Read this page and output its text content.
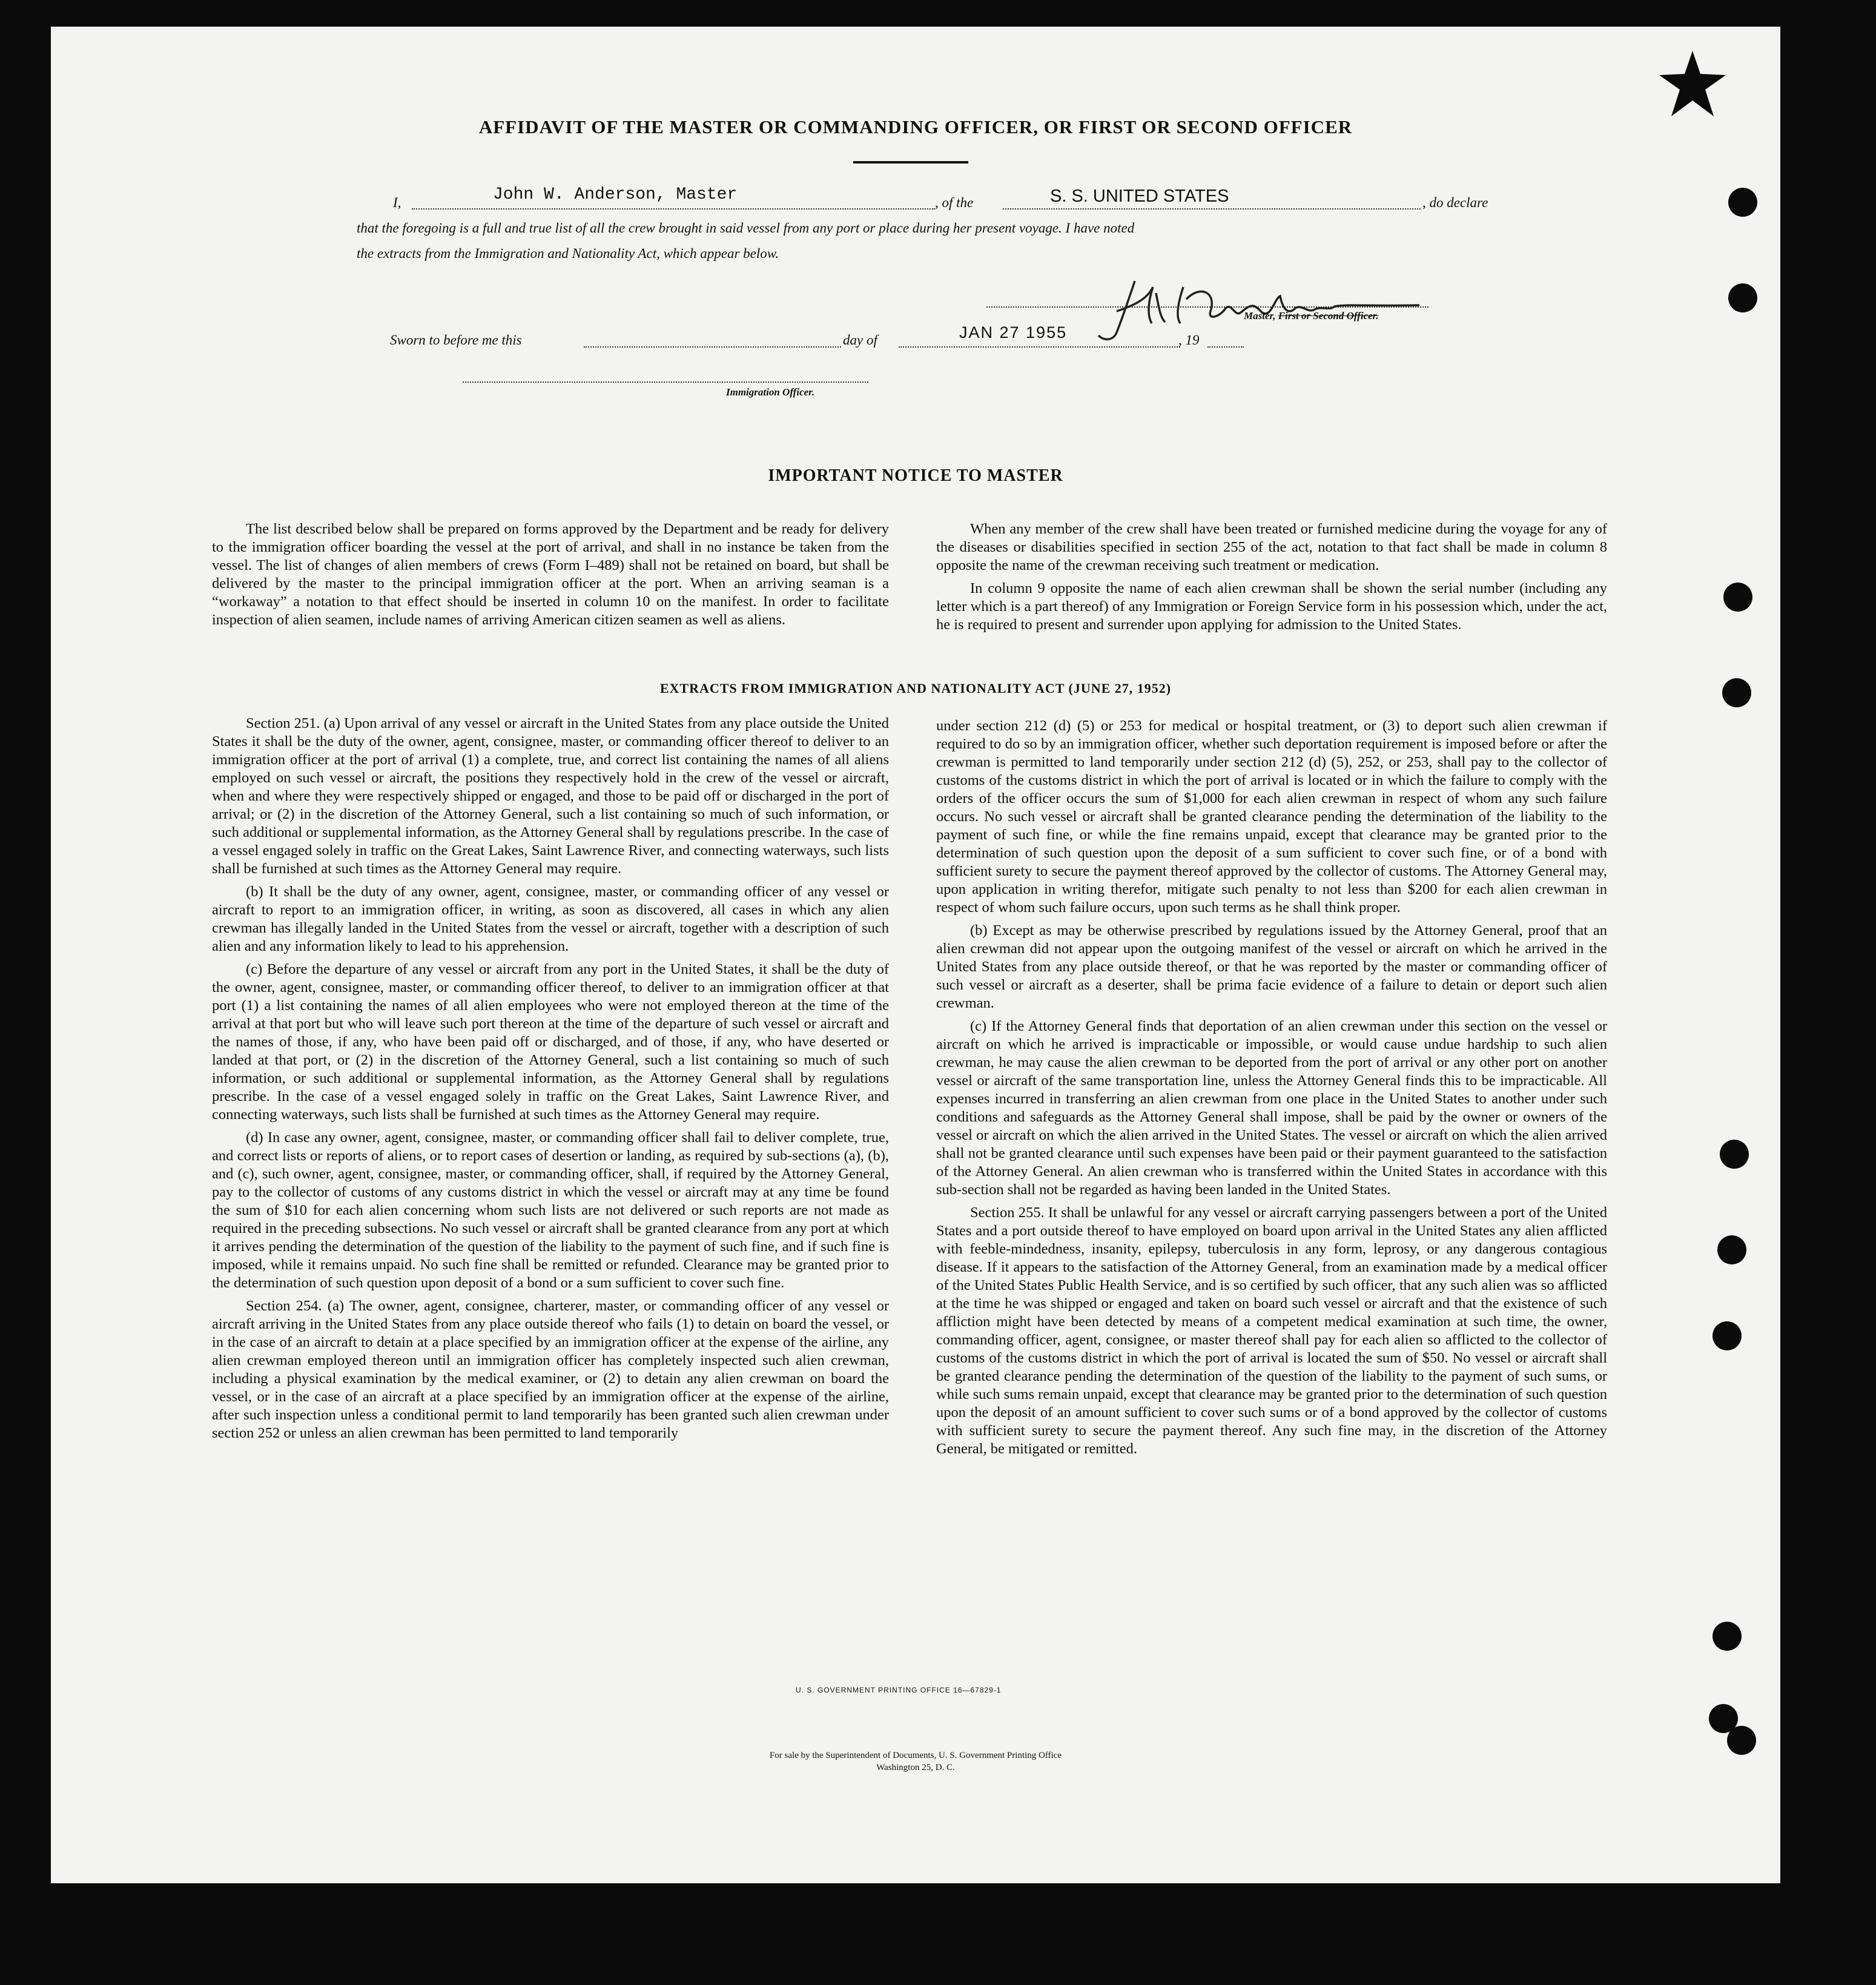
AFFIDAVIT OF THE MASTER OR COMMANDING OFFICER, OR FIRST OR SECOND OFFICER
I,	John W. Anderson, Master	, of the	S. S. UNITED STATES	, do declare
that the foregoing is a full and true list of all the crew brought in said vessel from any port or place during her present voyage. I have noted
the extracts from the Immigration and Nationality Act, which appear below.
Master, First or Second Officer.
Sworn to before me this	day of	JAN 27 1955	, 19
Immigration Officer.
IMPORTANT NOTICE TO MASTER

The list described below shall be prepared on forms approved by the Department and be ready for delivery to the immigration officer boarding the vessel at the port of arrival, and shall in no instance be taken from the vessel. The list of changes of alien members of crews (Form I–489) shall not be retained on board, but shall be delivered by the master to the principal immigration officer at the port. When an arriving seaman is a “workaway” a notation to that effect should be inserted in column 10 on the manifest. In order to facilitate inspection of alien seamen, include names of arriving American citizen seamen as well as aliens.

When any member of the crew shall have been treated or furnished medicine during the voyage for any of the diseases or disabilities specified in section 255 of the act, notation to that fact shall be made in column 8 opposite the name of the crewman receiving such treatment or medication.

In column 9 opposite the name of each alien crewman shall be shown the serial number (including any letter which is a part thereof) of any Immigration or Foreign Service form in his possession which, under the act, he is required to present and surrender upon applying for admission to the United States.

EXTRACTS FROM IMMIGRATION AND NATIONALITY ACT (JUNE 27, 1952)

Section 251. (a) Upon arrival of any vessel or aircraft in the United States from any place outside the United States it shall be the duty of the owner, agent, consignee, master, or commanding officer thereof to deliver to an immigration officer at the port of arrival (1) a complete, true, and correct list containing the names of all aliens employed on such vessel or aircraft, the positions they respectively hold in the crew of the vessel or aircraft, when and where they were respectively shipped or engaged, and those to be paid off or discharged in the port of arrival; or (2) in the discretion of the Attorney General, such a list containing so much of such information, or such additional or supplemental information, as the Attorney General shall by regulations prescribe. In the case of a vessel engaged solely in traffic on the Great Lakes, Saint Lawrence River, and connecting waterways, such lists shall be furnished at such times as the Attorney General may require.

(b) It shall be the duty of any owner, agent, consignee, master, or commanding officer of any vessel or aircraft to report to an immigration officer, in writing, as soon as discovered, all cases in which any alien crewman has illegally landed in the United States from the vessel or aircraft, together with a description of such alien and any information likely to lead to his apprehension.

(c) Before the departure of any vessel or aircraft from any port in the United States, it shall be the duty of the owner, agent, consignee, master, or commanding officer thereof, to deliver to an immigration officer at that port (1) a list containing the names of all alien employees who were not employed thereon at the time of the arrival at that port but who will leave such port thereon at the time of the departure of such vessel or aircraft and the names of those, if any, who have been paid off or discharged, and of those, if any, who have deserted or landed at that port, or (2) in the discretion of the Attorney General, such a list containing so much of such information, or such additional or supplemental information, as the Attorney General shall by regulations prescribe. In the case of a vessel engaged solely in traffic on the Great Lakes, Saint Lawrence River, and connecting waterways, such lists shall be furnished at such times as the Attorney General may require.

(d) In case any owner, agent, consignee, master, or commanding officer shall fail to deliver complete, true, and correct lists or reports of aliens, or to report cases of desertion or landing, as required by sub-sections (a), (b), and (c), such owner, agent, consignee, master, or commanding officer, shall, if required by the Attorney General, pay to the collector of customs of any customs district in which the vessel or aircraft may at any time be found the sum of $10 for each alien concerning whom such lists are not delivered or such reports are not made as required in the preceding subsections. No such vessel or aircraft shall be granted clearance from any port at which it arrives pending the determination of the question of the liability to the payment of such fine, and if such fine is imposed, while it remains unpaid. No such fine shall be remitted or refunded. Clearance may be granted prior to the determination of such question upon deposit of a bond or a sum sufficient to cover such fine.

Section 254. (a) The owner, agent, consignee, charterer, master, or commanding officer of any vessel or aircraft arriving in the United States from any place outside thereof who fails (1) to detain on board the vessel, or in the case of an aircraft to detain at a place specified by an immigration officer at the expense of the airline, any alien crewman employed thereon until an immigration officer has completely inspected such alien crewman, including a physical examination by the medical examiner, or (2) to detain any alien crewman on board the vessel, or in the case of an aircraft at a place specified by an immigration officer at the expense of the airline, after such inspection unless a conditional permit to land temporarily has been granted such alien crewman under section 252 or unless an alien crewman has been permitted to land temporarily

under section 212 (d) (5) or 253 for medical or hospital treatment, or (3) to deport such alien crewman if required to do so by an immigration officer, whether such deportation requirement is imposed before or after the crewman is permitted to land temporarily under section 212 (d) (5), 252, or 253, shall pay to the collector of customs of the customs district in which the port of arrival is located or in which the failure to comply with the orders of the officer occurs the sum of $1,000 for each alien crewman in respect of whom any such failure occurs. No such vessel or aircraft shall be granted clearance pending the determination of the liability to the payment of such fine, or while the fine remains unpaid, except that clearance may be granted prior to the determination of such question upon the deposit of a sum sufficient to cover such fine, or of a bond with sufficient surety to secure the payment thereof approved by the collector of customs. The Attorney General may, upon application in writing therefor, mitigate such penalty to not less than $200 for each alien crewman in respect of whom such failure occurs, upon such terms as he shall think proper.

(b) Except as may be otherwise prescribed by regulations issued by the Attorney General, proof that an alien crewman did not appear upon the outgoing manifest of the vessel or aircraft on which he arrived in the United States from any place outside thereof, or that he was reported by the master or commanding officer of such vessel or aircraft as a deserter, shall be prima facie evidence of a failure to detain or deport such alien crewman.

(c) If the Attorney General finds that deportation of an alien crewman under this section on the vessel or aircraft on which he arrived is impracticable or impossible, or would cause undue hardship to such alien crewman, he may cause the alien crewman to be deported from the port of arrival or any other port on another vessel or aircraft of the same transportation line, unless the Attorney General finds this to be impracticable. All expenses incurred in transferring an alien crewman from one place in the United States to another under such conditions and safeguards as the Attorney General shall impose, shall be paid by the owner or owners of the vessel or aircraft on which the alien arrived in the United States. The vessel or aircraft on which the alien arrived shall not be granted clearance until such expenses have been paid or their payment guaranteed to the satisfaction of the Attorney General. An alien crewman who is transferred within the United States in accordance with this sub-section shall not be regarded as having been landed in the United States.

Section 255. It shall be unlawful for any vessel or aircraft carrying passengers between a port of the United States and a port outside thereof to have employed on board upon arrival in the United States any alien afflicted with feeble-mindedness, insanity, epilepsy, tuberculosis in any form, leprosy, or any dangerous contagious disease. If it appears to the satisfaction of the Attorney General, from an examination made by a medical officer of the United States Public Health Service, and is so certified by such officer, that any such alien was so afflicted at the time he was shipped or engaged and taken on board such vessel or aircraft and that the existence of such affliction might have been detected by means of a competent medical examination at such time, the owner, commanding officer, agent, consignee, or master thereof shall pay for each alien so afflicted to the collector of customs of the customs district in which the port of arrival is located the sum of $50. No vessel or aircraft shall be granted clearance pending the determination of the question of the liability to the payment of such sums, or while such sums remain unpaid, except that clearance may be granted prior to the determination of such question upon the deposit of an amount sufficient to cover such sums or of a bond approved by the collector of customs with sufficient surety to secure the payment thereof. Any such fine may, in the discretion of the Attorney General, be mitigated or remitted.

U. S. GOVERNMENT PRINTING OFFICE 16—67829-1
For sale by the Superintendent of Documents, U. S. Government Printing Office
Washington 25, D. C.
